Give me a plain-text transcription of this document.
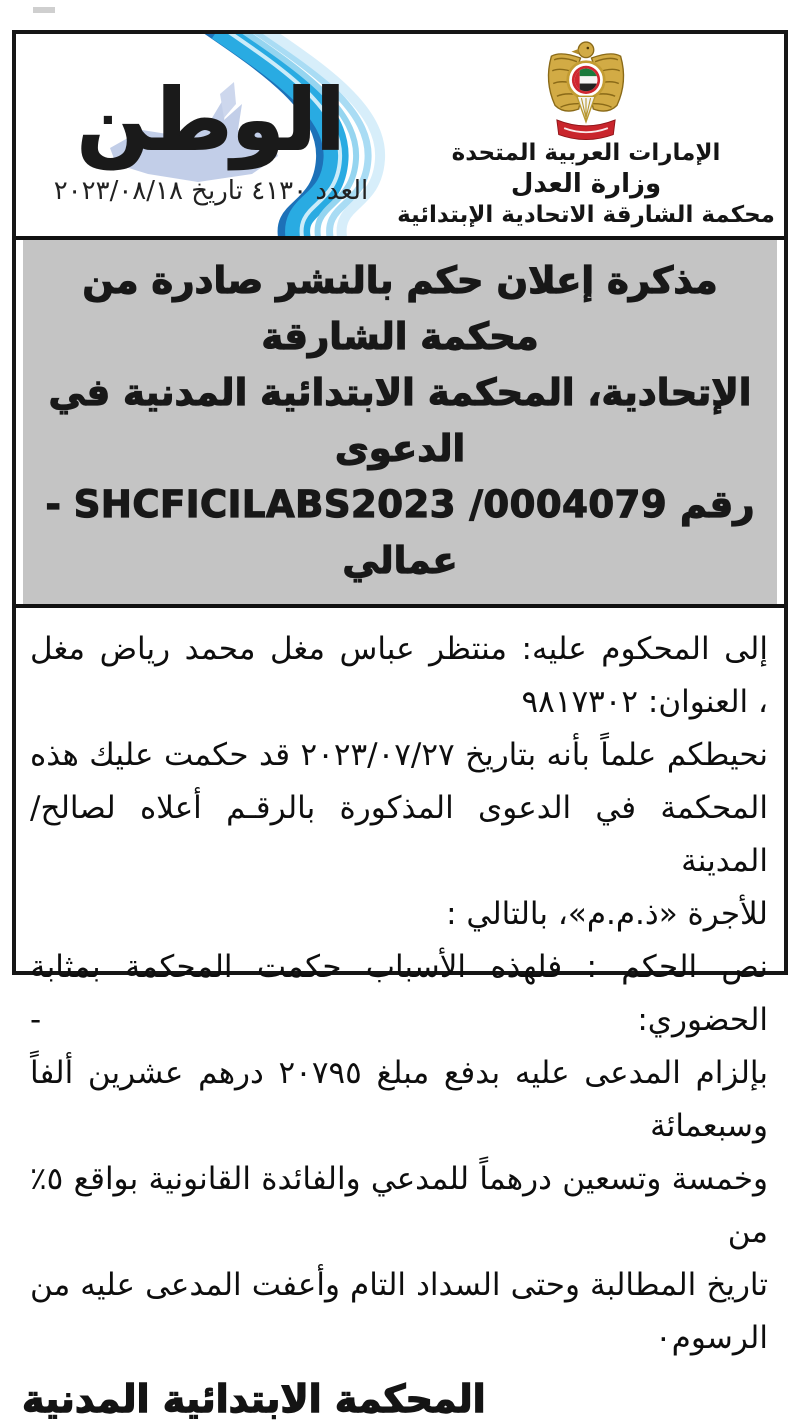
الوطن
العدد ٤١٣٠ تاريخ ٢٠٢٣/٠٨/١٨
الإمارات العربية المتحدة
وزارة العدل
محكمة الشارقة الاتحادية الإبتدائية
مذكرة إعلان حكم بالنشر صادرة من محكمة الشارقة
الإتحادية، المحكمة الابتدائية المدنية في الدعوى
رقم SHCFICILABS2023 /0004079 - عمالي
إلى المحكوم عليه: منتظر عباس مغل محمد رياض مغل
، العنوان: ٩٨١٧٣٠٢
نحيطكم علماً بأنه بتاريخ ٢٠٢٣/٠٧/٢٧ قد حكمت عليك هذه
المحكمة في الدعوى المذكورة بالرقـم أعلاه لصالح/ المدينة
للأجرة «ذ.م.م»، بالتالي :
نص الحكم : فلهذه الأسباب حكمت المحكمة بمثابة الحضوري: -
بإلزام المدعى عليه بدفع مبلغ ٢٠٧٩٥ درهم عشرين ألفاً وسبعمائة
وخمسة وتسعين درهماً للمدعي والفائدة القانونية بواقع ٥٪ من
تاريخ المطالبة وحتى السداد التام وأعفت المدعى عليه من الرسوم٠
المحكمة الابتدائية المدنية
